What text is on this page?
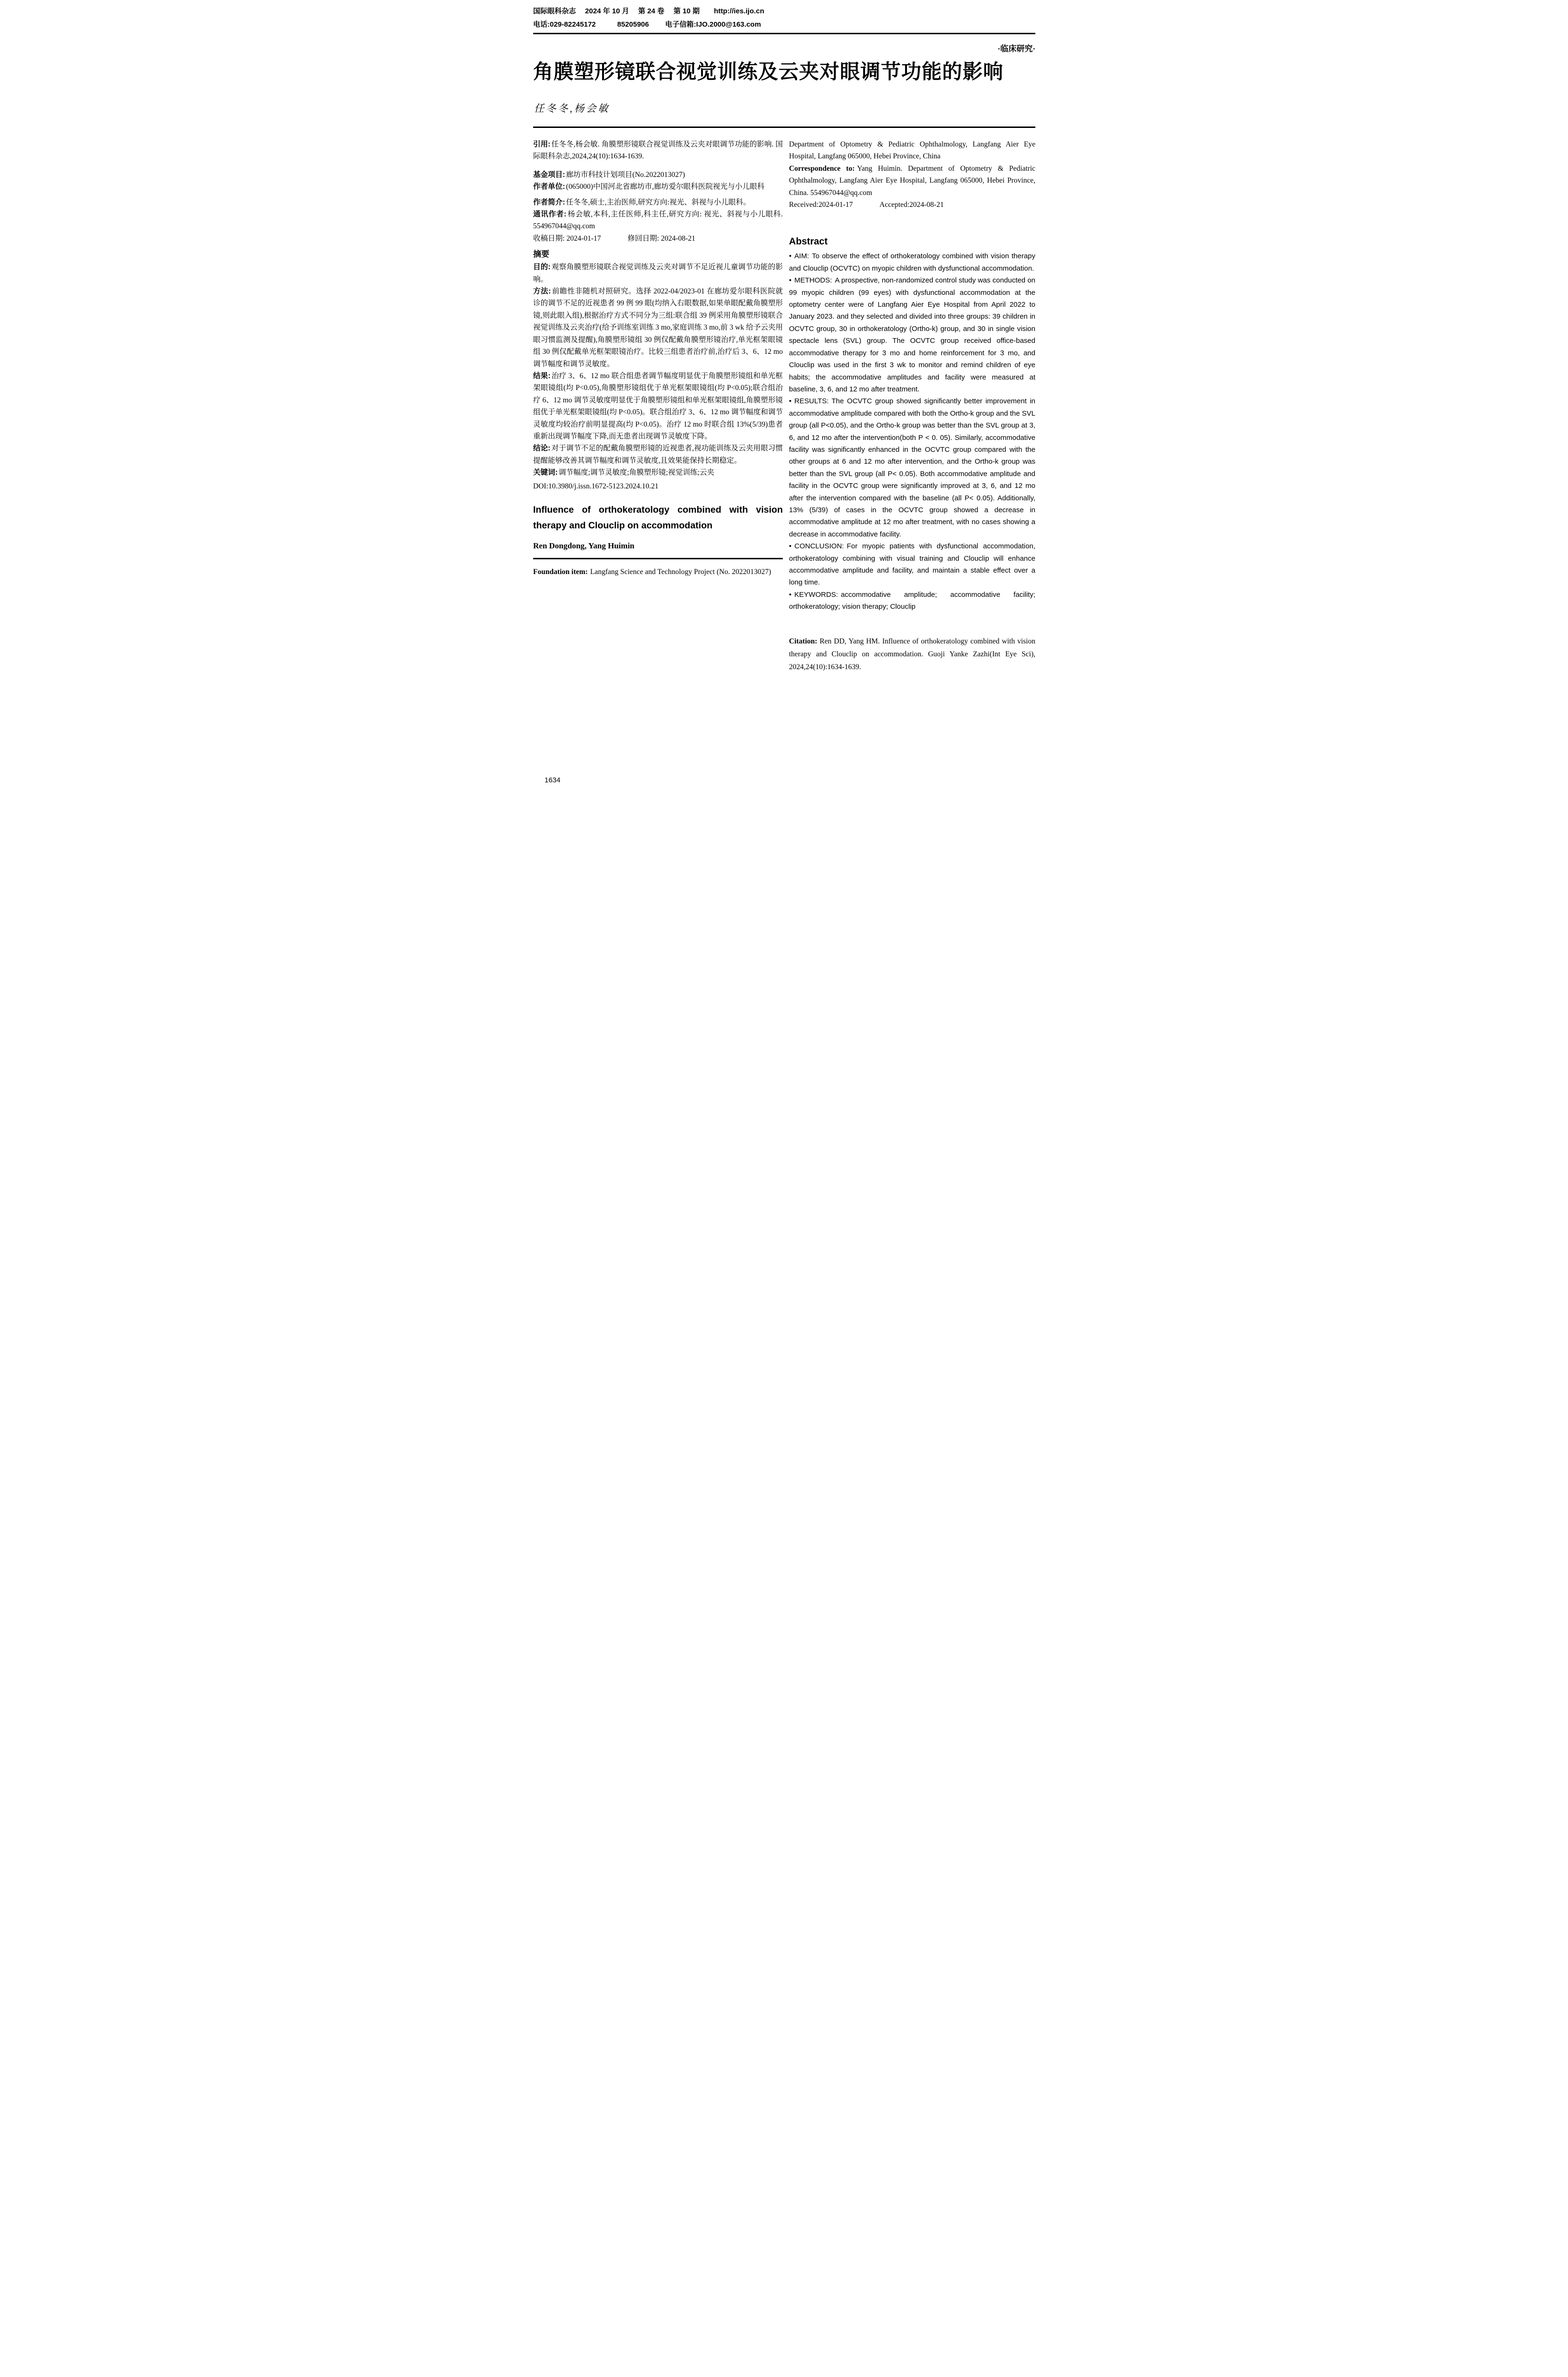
国际眼科杂志　 2024 年 10 月　 第 24 卷　 第 10 期　　http://ies.ijo.cn
电话:029-82245172　　　85205906　　 电子信箱:IJO.2000@163.com
·临床研究·
角膜塑形镜联合视觉训练及云夹对眼调节功能的影响
任冬冬,杨会敏

引用: 任冬冬,杨会敏. 角膜塑形镜联合视觉训练及云夹对眼调节功能的影响. 国际眼科杂志,2024,24(10):1634-1639.

基金项目: 廊坊市科技计划项目(No.2022013027)

作者单位: (065000)中国河北省廊坊市,廊坊爱尔眼科医院视光与小儿眼科

作者简介: 任冬冬,硕士,主治医师,研究方向:视光、斜视与小儿眼科。

通讯作者: 杨会敏,本科,主任医师,科主任,研究方向: 视光、斜视与小儿眼科. 554967044@qq.com

收稿日期: 2024-01-17	修回日期: 2024-08-21

摘要

目的: 观察角膜塑形镜联合视觉训练及云夹对调节不足近视儿童调节功能的影响。

方法: 前瞻性非随机对照研究。选择 2022-04/2023-01 在廊坊爱尔眼科医院就诊的调节不足的近视患者 99 例 99 眼(均纳入右眼数据,如果单眼配戴角膜塑形镜,则此眼入组),根据治疗方式不同分为三组:联合组 39 例采用角膜塑形镜联合视觉训练及云夹治疗(给予训练室训练 3 mo,家庭训练 3 mo,前 3 wk 给予云夹用眼习惯监测及提醒),角膜塑形镜组 30 例仅配戴角膜塑形镜治疗,单光框架眼镜组 30 例仅配戴单光框架眼镜治疗。比较三组患者治疗前,治疗后 3、6、12 mo 调节幅度和调节灵敏度。

结果: 治疗 3、6、12 mo 联合组患者调节幅度明显优于角膜塑形镜组和单光框架眼镜组(均 P<0.05),角膜塑形镜组优于单光框架眼镜组(均 P<0.05);联合组治疗 6、12 mo 调节灵敏度明显优于角膜塑形镜组和单光框架眼镜组,角膜塑形镜组优于单光框架眼镜组(均 P<0.05)。联合组治疗 3、6、12 mo 调节幅度和调节灵敏度均较治疗前明显提高(均 P<0.05)。治疗 12 mo 时联合组 13%(5/39)患者重新出现调节幅度下降,而无患者出现调节灵敏度下降。

结论: 对于调节不足的配戴角膜塑形镜的近视患者,视功能训练及云夹用眼习惯提醒能够改善其调节幅度和调节灵敏度,且效果能保持长期稳定。

关键词: 调节幅度;调节灵敏度;角膜塑形镜;视觉训练;云夹

DOI:10.3980/j.issn.1672-5123.2024.10.21

Influence of orthokeratology combined with vision therapy and Clouclip on accommodation
Ren Dongdong, Yang Huimin

Foundation item: Langfang Science and Technology Project (No. 2022013027)

Department of Optometry & Pediatric Ophthalmology, Langfang Aier Eye Hospital, Langfang 065000, Hebei Province, China

Correspondence to: Yang Huimin. Department of Optometry & Pediatric Ophthalmology, Langfang Aier Eye Hospital, Langfang 065000, Hebei Province, China. 554967044@qq.com

Received:2024-01-17	Accepted:2024-08-21

Abstract

• AIM: To observe the effect of orthokeratology combined with vision therapy and Clouclip (OCVTC) on myopic children with dysfunctional accommodation.

• METHODS: A prospective, non-randomized control study was conducted on 99 myopic children (99 eyes) with dysfunctional accommodation at the optometry center were of Langfang Aier Eye Hospital from April 2022 to January 2023. and they selected and divided into three groups: 39 children in OCVTC group, 30 in orthokeratology (Ortho-k) group, and 30 in single vision spectacle lens (SVL) group. The OCVTC group received office-based accommodative therapy for 3 mo and home reinforcement for 3 mo, and Clouclip was used in the first 3 wk to monitor and remind children of eye habits; the accommodative amplitudes and facility were measured at baseline, 3, 6, and 12 mo after treatment.

• RESULTS: The OCVTC group showed significantly better improvement in accommodative amplitude compared with both the Ortho-k group and the SVL group (all P<0.05), and the Ortho-k group was better than the SVL group at 3, 6, and 12 mo after the intervention(both P < 0. 05). Similarly, accommodative facility was significantly enhanced in the OCVTC group compared with the other groups at 6 and 12 mo after intervention, and the Ortho-k group was better than the SVL group (all P< 0.05). Both accommodative amplitude and facility in the OCVTC group were significantly improved at 3, 6, and 12 mo after the intervention compared with the baseline (all P< 0.05). Additionally, 13% (5/39) of cases in the OCVTC group showed a decrease in accommodative amplitude at 12 mo after treatment, with no cases showing a decrease in accommodative facility.

• CONCLUSION: For myopic patients with dysfunctional accommodation, orthokeratology combining with visual training and Clouclip will enhance accommodative amplitude and facility, and maintain a stable effect over a long time.

• KEYWORDS: accommodative amplitude; accommodative facility; orthokeratology; vision therapy; Clouclip

Citation: Ren DD, Yang HM. Influence of orthokeratology combined with vision therapy and Clouclip on accommodation. Guoji Yanke Zazhi(Int Eye Sci), 2024,24(10):1634-1639.

1634
